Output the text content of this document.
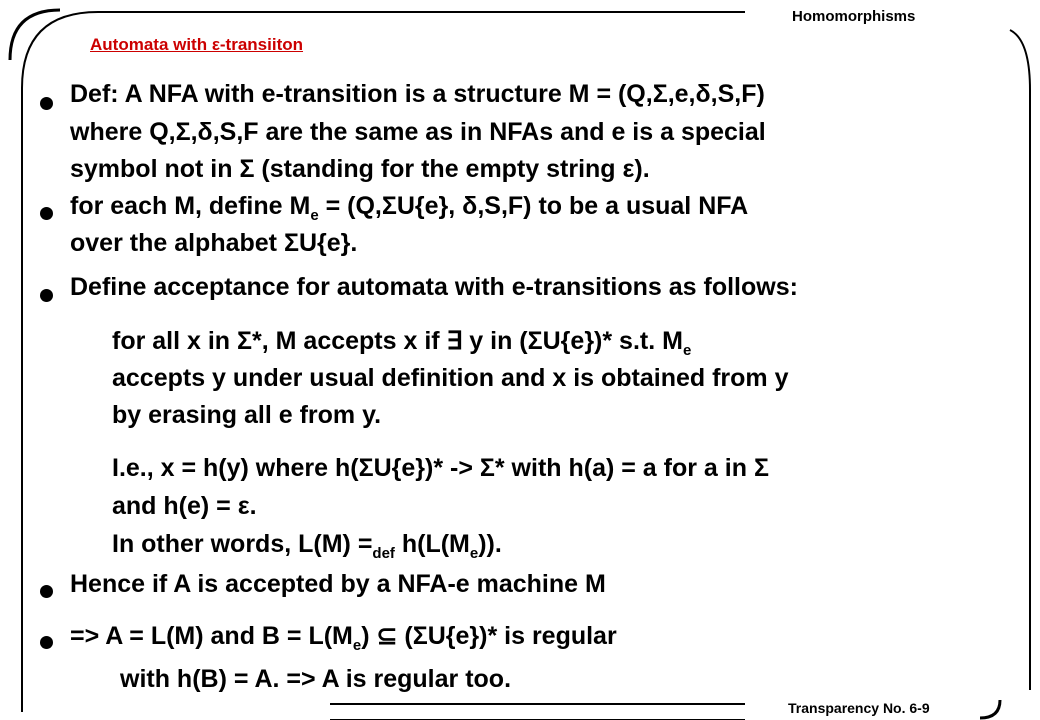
Homomorphisms
Transparency No. 6-9
Automata with ε-transiiton
Def: A NFA with e-transition is a structure M = (Q,Σ,e,δ,S,F)
where Q,Σ,δ,S,F are the same as in NFAs and e is a special
symbol not in Σ (standing for the empty string ε).
for each M, define $M_e = (Q,\Sigma U\{e\}$, δ,S,F) to be a usual NFA
over the alphabet ΣU{e}.
Define acceptance for automata with e-transitions as follows:
for all x in Σ*, M accepts x if ∃ y in (ΣU{e})* s.t. $M_e$
accepts y under usual definition and x is obtained from y
by erasing all e from y.
I.e., x = h(y) where h(ΣU{e})* -> Σ* with h(a) = a for a in Σ
and h(e) = ε.
In other words, $L(M) =_{def}$ $h(L(M_e))$.
Hence if A is accepted by a NFA-e machine M
=> A = L(M) and $B = L(M_e)$ ⊆ (ΣU{e})* is regular
with h(B) = A. => A is regular too.
